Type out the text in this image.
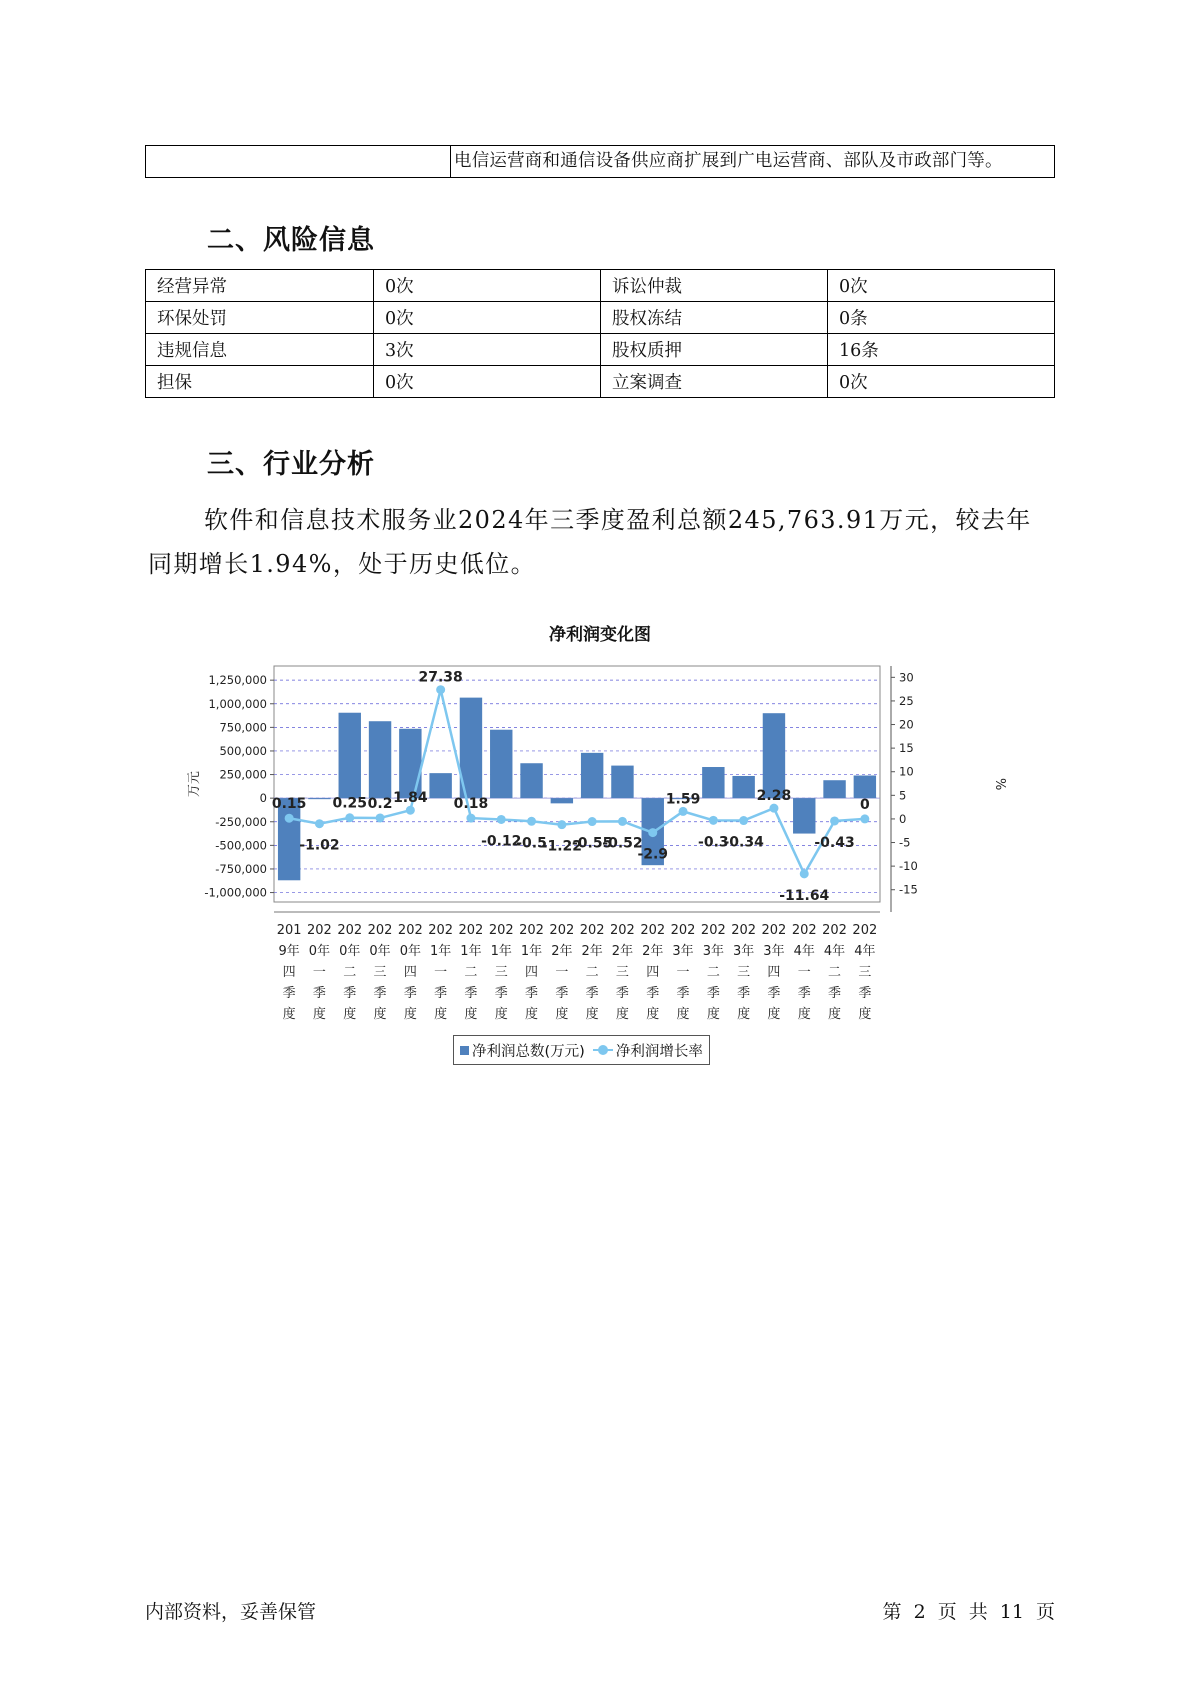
电信运营商和通信设备供应商扩展到广电运营商、部队及市政部门等。
二、风险信息
经营异常	0次	诉讼仲裁	0次
环保处罚	0次	股权冻结	0条
违规信息	3次	股权质押	16条
担保	0次	立案调查	0次
三、行业分析

软件和信息技术服务业2024年三季度盈利总额245,763.91万元，较去年同期增长1.94%，处于历史低位。

1,250,000
1,000,000
750,000
500,000
250,000
0
-250,000
-500,000
-750,000
-1,000,000
30
25
20
15
10
5
0
-5
-10
-15
万元	%
0.15
-1.02
0.25 0.2 1.84
27.38
0.18
-0.12
-0.5
-1.22
-0.55
-0.52
-2.9
1.59
-0.3
-0.34
2.28
-11.64
-0.43
0
净利润变化图
201
9年
四
季
度
202
0年
一
季
度
202
0年
二
季
度
202
0年
三
季
度
202
0年
四
季
度
202
1年
一
季
度
202
1年
二
季
度
202
1年
三
季
度
202
1年
四
季
度
202
2年
一
季
度
202
2年
二
季
度
202
2年
三
季
度
202
2年
四
季
度
202
3年
一
季
度
202
3年
二
季
度
202
3年
三
季
度
202
3年
四
季
度
202
4年
一
季
度
202
4年
二
季
度
202
4年
三
季
度
净利润总数(万元) 净利润增长率
内部资料，妥善保管	第 2 页 共 11 页
